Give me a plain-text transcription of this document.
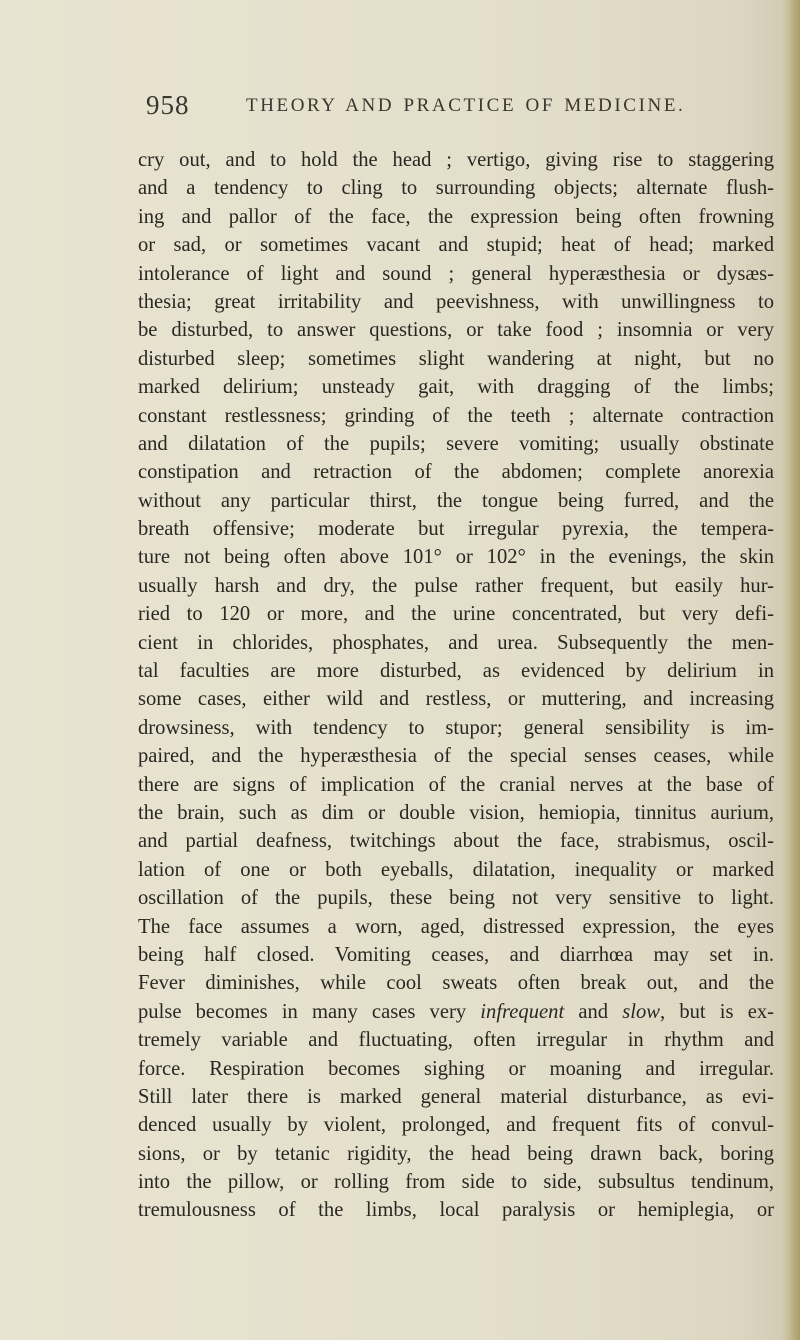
958	THEORY AND PRACTICE OF MEDICINE.
cry out, and to hold the head ; vertigo, giving rise to staggering
and a tendency to cling to surrounding objects; alternate flush-
ing and pallor of the face, the expression being often frowning
or sad, or sometimes vacant and stupid; heat of head; marked
intolerance of light and sound ; general hyperæsthesia or dysæs-
thesia; great irritability and peevishness, with unwillingness to
be disturbed, to answer questions, or take food ; insomnia or very
disturbed sleep; sometimes slight wandering at night, but no
marked delirium; unsteady gait, with dragging of the limbs;
constant restlessness; grinding of the teeth ; alternate contraction
and dilatation of the pupils; severe vomiting; usually obstinate
constipation and retraction of the abdomen; complete anorexia
without any particular thirst, the tongue being furred, and the
breath offensive; moderate but irregular pyrexia, the tempera-
ture not being often above 101° or 102° in the evenings, the skin
usually harsh and dry, the pulse rather frequent, but easily hur-
ried to 120 or more, and the urine concentrated, but very defi-
cient in chlorides, phosphates, and urea. Subsequently the men-
tal faculties are more disturbed, as evidenced by delirium in
some cases, either wild and restless, or muttering, and increasing
drowsiness, with tendency to stupor; general sensibility is im-
paired, and the hyperæsthesia of the special senses ceases, while
there are signs of implication of the cranial nerves at the base of
the brain, such as dim or double vision, hemiopia, tinnitus aurium,
and partial deafness, twitchings about the face, strabismus, oscil-
lation of one or both eyeballs, dilatation, inequality or marked
oscillation of the pupils, these being not very sensitive to light.
The face assumes a worn, aged, distressed expression, the eyes
being half closed. Vomiting ceases, and diarrhœa may set in.
Fever diminishes, while cool sweats often break out, and the
pulse becomes in many cases very infrequent and slow, but is ex-
tremely variable and fluctuating, often irregular in rhythm and
force. Respiration becomes sighing or moaning and irregular.
Still later there is marked general material disturbance, as evi-
denced usually by violent, prolonged, and frequent fits of convul-
sions, or by tetanic rigidity, the head being drawn back, boring
into the pillow, or rolling from side to side, subsultus tendinum,
tremulousness of the limbs, local paralysis or hemiplegia, or
